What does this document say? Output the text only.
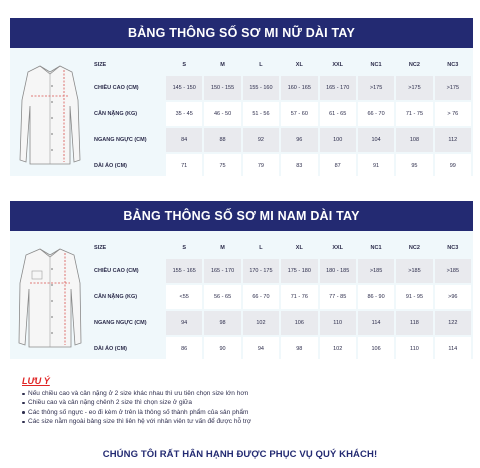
BẢNG THÔNG SỐ SƠ MI NỮ DÀI TAY
SIZE	S	M	L	XL	XXL	NC1	NC2	NC3
CHIỀU CAO (CM)	145 - 150	150 - 155	155 - 160	160 - 165	165 - 170	>175	>175	>175
CÂN NẶNG (KG)	35 - 45	46 - 50	51 - 56	57 - 60	61 - 65	66 - 70	71 - 75	> 76
NGANG NGỰC (CM)	84	88	92	96	100	104	108	112
DÀI ÁO (CM)	71	75	79	83	87	91	95	99
BẢNG THÔNG SỐ SƠ MI NAM DÀI TAY
SIZE	S	M	L	XL	XXL	NC1	NC2	NC3
CHIỀU CAO (CM)	155 - 165	165 - 170	170 - 175	175 - 180	180 - 185	>185	>185	>185
CÂN NẶNG (KG)	<55	56 - 65	66 - 70	71 - 76	77 - 85	86 - 90	91 - 95	>96
NGANG NGỰC (CM)	94	98	102	106	110	114	118	122
DÀI ÁO (CM)	86	90	94	98	102	106	110	114
LƯU Ý
Nếu chiều cao và cân nặng ở 2 size khác nhau thì ưu tiên chọn size lớn hơn
Chiều cao và cân nặng chênh 2 size thì chọn size ở giữa
Các thông số ngực - eo đi kèm ở trên là thông số thành phẩm của sản phẩm
Các size nằm ngoài bảng size thì liên hệ với nhân viên tư vấn để được hỗ trợ
CHÚNG TÔI RẤT HÂN HẠNH ĐƯỢC PHỤC VỤ QUÝ KHÁCH!
